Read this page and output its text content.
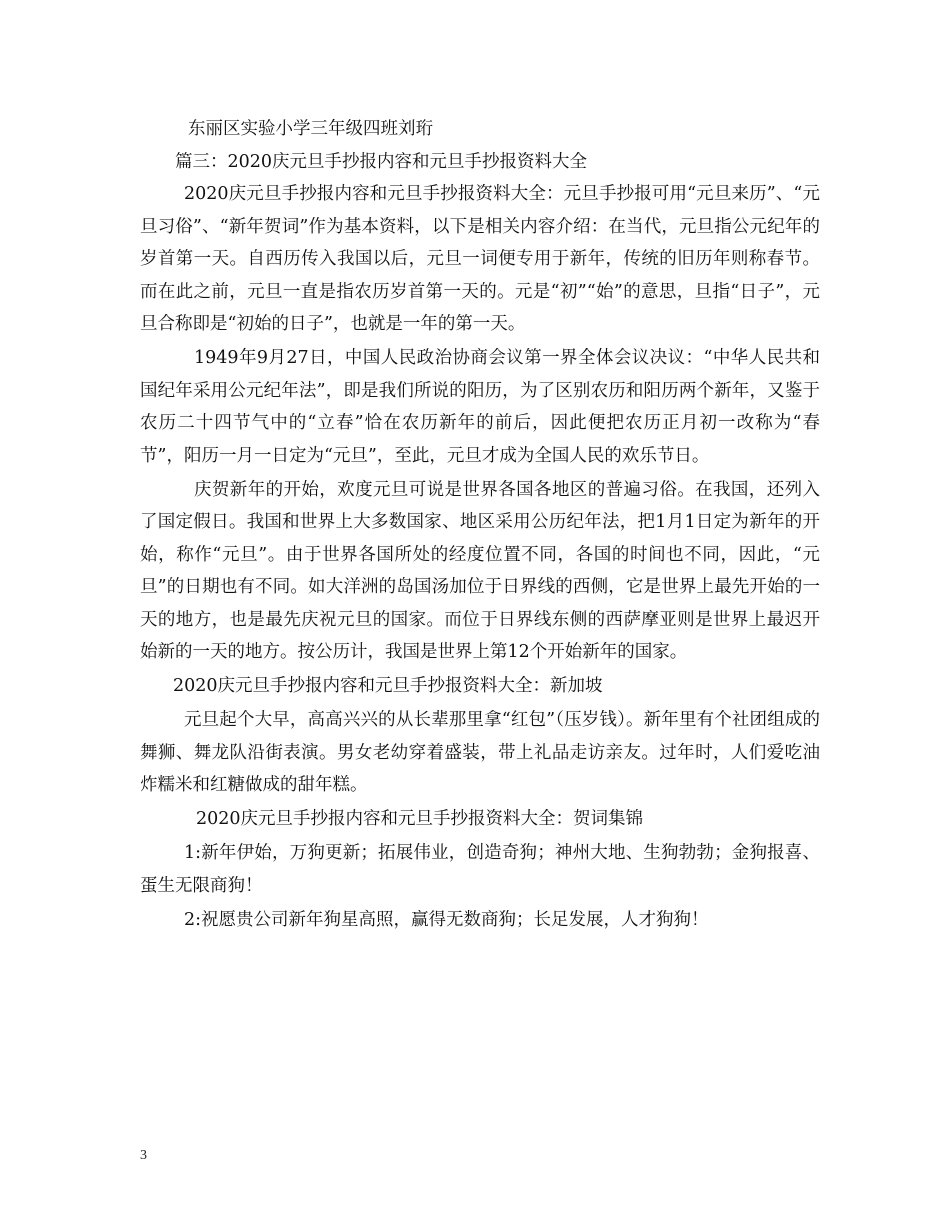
东丽区实验小学三年级四班刘珩
篇三：2020庆元旦手抄报内容和元旦手抄报资料大全
2020庆元旦手抄报内容和元旦手抄报资料大全：元旦手抄报可用“元旦来历”、“元旦习俗”、“新年贺词”作为基本资料，以下是相关内容介绍：在当代，元旦指公元纪年的岁首第一天。自西历传入我国以后，元旦一词便专用于新年，传统的旧历年则称春节。而在此之前，元旦一直是指农历岁首第一天的。元是“初”“始”的意思，旦指“日子”，元旦合称即是“初始的日子”，也就是一年的第一天。
1949年9月27日，中国人民政治协商会议第一界全体会议决议：“中华人民共和国纪年采用公元纪年法”，即是我们所说的阳历，为了区别农历和阳历两个新年，又鉴于农历二十四节气中的“立春”恰在农历新年的前后，因此便把农历正月初一改称为“春节”，阳历一月一日定为“元旦”，至此，元旦才成为全国人民的欢乐节日。
庆贺新年的开始，欢度元旦可说是世界各国各地区的普遍习俗。在我国，还列入了国定假日。我国和世界上大多数国家、地区采用公历纪年法，把1月1日定为新年的开始，称作“元旦”。由于世界各国所处的经度位置不同，各国的时间也不同，因此，“元旦”的日期也有不同。如大洋洲的岛国汤加位于日界线的西侧，它是世界上最先开始的一天的地方，也是最先庆祝元旦的国家。而位于日界线东侧的西萨摩亚则是世界上最迟开始新的一天的地方。按公历计，我国是世界上第12个开始新年的国家。
2020庆元旦手抄报内容和元旦手抄报资料大全：新加坡
元旦起个大早，高高兴兴的从长辈那里拿“红包”（压岁钱）。新年里有个社团组成的舞狮、舞龙队沿街表演。男女老幼穿着盛装，带上礼品走访亲友。过年时，人们爱吃油炸糯米和红糖做成的甜年糕。
2020庆元旦手抄报内容和元旦手抄报资料大全：贺词集锦
1:新年伊始，万狗更新；拓展伟业，创造奇狗；神州大地、生狗勃勃；金狗报喜、蛋生无限商狗！
2:祝愿贵公司新年狗星高照，赢得无数商狗；长足发展，人才狗狗！
3
